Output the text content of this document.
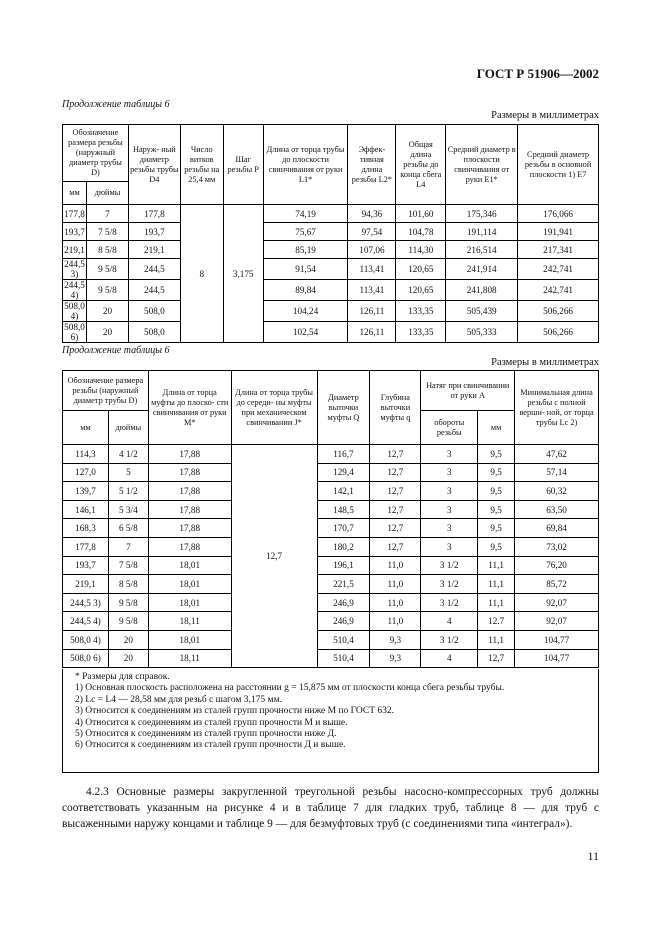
ГОСТ Р 51906—2002
Продолжение таблицы 6
Размеры в миллиметрах
Обозначение размера резьбы (наружный диаметр трубы D)		Наруж- ный диаметр резьбы трубы D4	Число витков резьбы на 25,4 мм	Шаг резьбы P	Длина от торца трубы до плоскости свинчивания от руки L1*	Эффек- тивная длина резьбы L2*	Общая длина резьбы до конца сбега L4	Средний диаметр в плоскости свинчивания от руки E1*	Средний диаметр резьбы в основной плоскости 1) E7
мм	дюймы								
177,8	7	177,8	8	3,175	74,19	94,36	101,60	175,346	176,066
193,7	7 5/8	193,7			75,67	97,54	104,78	191,114	191,941
219,1	8 5/8	219,1			85,19	107,06	114,30	216,514	217,341
244,5 3)	9 5/8	244,5			91,54	113,41	120,65	241,914	242,741
244,5 4)	9 5/8	244,5			89,84	113,41	120,65	241,808	242,741
508,0 4)	20	508,0			104,24	126,11	133,35	505,439	506,266
508,0 6)	20	508,0			102,54	126,11	133,35	505,333	506,266
Продолжение таблицы 6
Размеры в миллиметрах
Обозначение размера резьбы (наружный диаметр трубы D)		Длина от торца муфты до плоско- сти свинчивания от руки M*	Длина от торца трубы до середи- ны муфты при механическом свинчивании J*	Диаметр выточки муфты Q	Глубина выточки муфты q	Натяг при свинчивании от руки A		Минимальная длина резьбы с полной верши- ной, от торца трубы Lc 2)
мм	дюймы					обороты резьбы	мм	
114,3	4 1/2	17,88	12,7	116,7	12,7	3	9,5	47,62
127,0	5	17,88		129,4	12,7	3	9,5	57,14
139,7	5 1/2	17,88		142,1	12,7	3	9,5	60,32
146,1	5 3/4	17,88		148,5	12,7	3	9,5	63,50
168,3	6 5/8	17,88		170,7	12,7	3	9,5	69,84
177,8	7	17,88		180,2	12,7	3	9,5	73,02
193,7	7 5/8	18,01		196,1	11,0	3 1/2	11,1	76,20
219,1	8 5/8	18,01		221,5	11,0	3 1/2	11,1	85,72
244,5 3)	9 5/8	18,01		246,9	11,0	3 1/2	11,1	92,07
244,5 4)	9 5/8	18,11		246,9	11,0	4	12.7	92,07
508,0 4)	20	18,01		510,4	9,3	3 1/2	11,1	104,77
508,0 6)	20	18,11		510,4	9,3	4	12,7	104,77
* Размеры для справок.
1) Основная плоскость расположена на расстоянии g = 15,875 мм от плоскости конца сбега резьбы трубы.
2) Lc = L4 — 28,58 мм для резьб с шагом 3,175 мм.
3) Относится к соединениям из сталей групп прочности ниже M по ГОСТ 632.
4) Относится к соединениям из сталей групп прочности M и выше.
5) Относится к соединениям из сталей групп прочности ниже Д.
6) Относится к соединениям из сталей групп прочности Д и выше.
4.2.3 Основные размеры закругленной треугольной резьбы насосно-компрессорных труб должны соответствовать указанным на рисунке 4 и в таблице 7 для гладких труб, таблице 8 — для труб с высаженными наружу концами и таблице 9 — для безмуфтовых труб (с соединениями типа «интеграл»).
11
